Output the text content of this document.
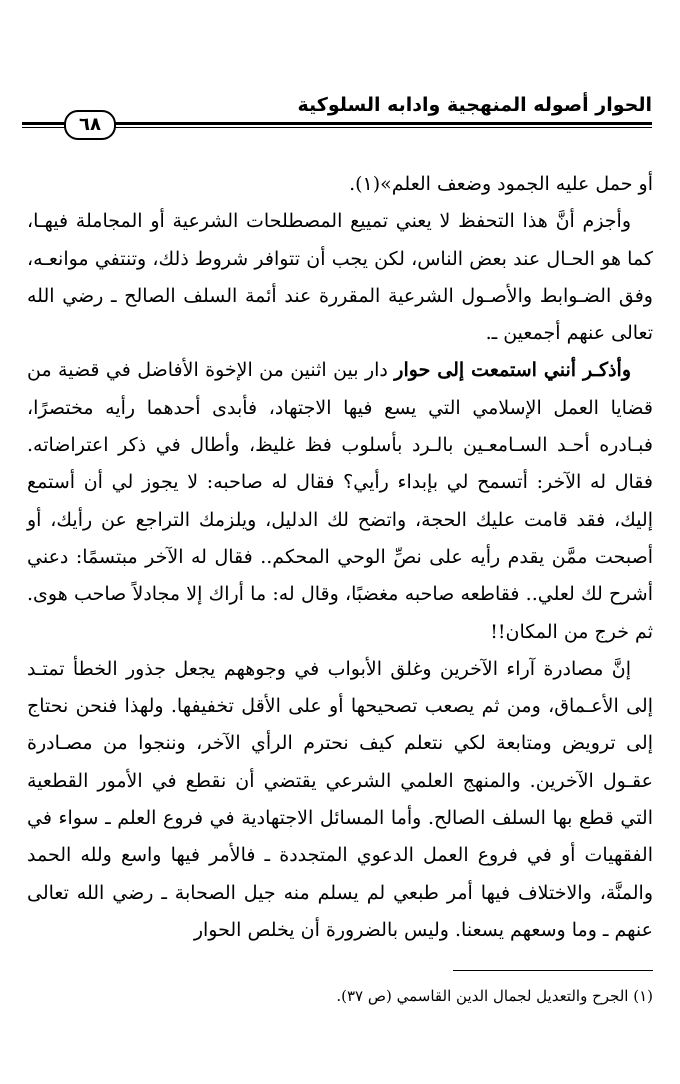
الحوار أصوله المنهجية وادابه السلوكية
٦٨

أو حمل عليه الجمود وضعف العلم»(١).

وأجزم أنَّ هذا التحفظ لا يعني تمييع المصطلحات الشرعية أو المجاملة فيهـا، كما هو الحـال عند بعض الناس، لكن يجب أن تتوافر شروط ذلك، وتنتفي موانعـه، وفق الضـوابط والأصـول الشرعية المقررة عند أئمة السلف الصالح ـ رضي الله تعالى عنهم أجمعين ـ.

وأذكـر أنني استمعت إلى حوار دار بين اثنين من الإخوة الأفاضل في قضية من قضايا العمل الإسلامي التي يسع فيها الاجتهاد، فأبدى أحدهما رأيه مختصرًا، فبـادره أحـد السـامعـين بالـرد بأسلوب فظ غليظ، وأطال في ذكر اعتراضاته. فقال له الآخر: أتسمح لي بإبداء رأيي؟ فقال له صاحبه: لا يجوز لي أن أستمع إليك، فقد قامت عليك الحجة، واتضح لك الدليل، ويلزمك التراجع عن رأيك، أو أصبحت ممَّن يقدم رأيه على نصِّ الوحي المحكم.. فقال له الآخر مبتسمًا: دعني أشرح لك لعلي.. فقاطعه صاحبه مغضبًا، وقال له: ما أراك إلا مجادلاً صاحب هوى. ثم خرج من المكان!!

إنَّ مصادرة آراء الآخرين وغلق الأبواب في وجوههم يجعل جذور الخطأ تمتـد إلى الأعـماق، ومن ثم يصعب تصحيحها أو على الأقل تخفيفها. ولهذا فنحن نحتاج إلى ترويض ومتابعة لكي نتعلم كيف نحترم الرأي الآخر، وننجوا من مصـادرة عقـول الآخرين. والمنهج العلمي الشرعي يقتضي أن نقطع في الأمور القطعية التي قطع بها السلف الصالح. وأما المسائل الاجتهادية في فروع العلم ـ سواء في الفقهيات أو في فروع العمل الدعوي المتجددة ـ فالأمر فيها واسع ولله الحمد والمنَّة، والاختلاف فيها أمر طبعي لم يسلم منه جيل الصحابة ـ رضي الله تعالى عنهم ـ وما وسعهم يسعنا. وليس بالضرورة أن يخلص الحوار

(١) الجرح والتعديل لجمال الدين القاسمي (ص ٣٧).
